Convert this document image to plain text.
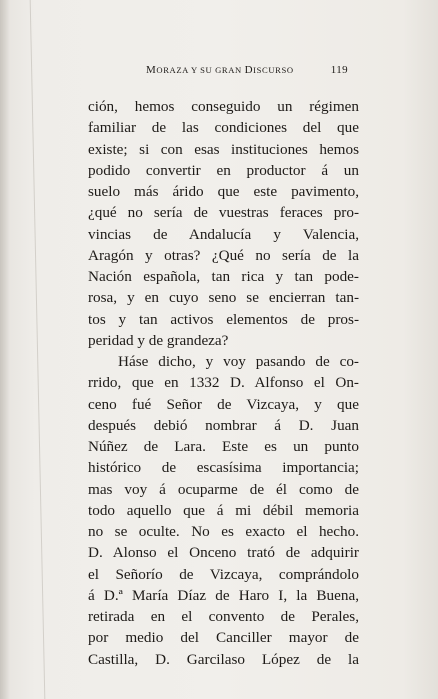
MORAZA Y SU GRAN DISCURSO	119
ción, hemos conseguido un régimen
familiar de las condiciones del que
existe; si con esas instituciones hemos
podido convertir en productor á un
suelo más árido que este pavimento,
¿qué no sería de vuestras feraces pro-
vincias de Andalucía y Valencia,
Aragón y otras? ¿Qué no sería de la
Nación española, tan rica y tan pode-
rosa, y en cuyo seno se encierran tan-
tos y tan activos elementos de pros-
peridad y de grandeza?
Háse dicho, y voy pasando de co-
rrido, que en 1332 D. Alfonso el On-
ceno fué Señor de Vizcaya, y que
después debió nombrar á D. Juan
Núñez de Lara. Este es un punto
histórico de escasísima importancia;
mas voy á ocuparme de él como de
todo aquello que á mi débil memoria
no se oculte. No es exacto el hecho.
D. Alonso el Onceno trató de adquirir
el Señorío de Vizcaya, comprándolo
á D.ª María Díaz de Haro I, la Buena,
retirada en el convento de Perales,
por medio del Canciller mayor de
Castilla, D. Garcilaso López de la
